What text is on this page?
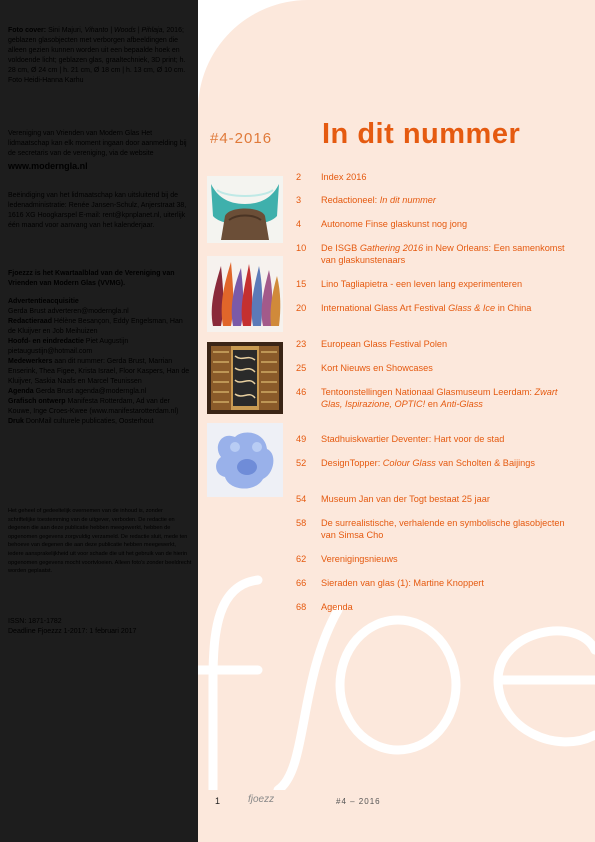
Foto cover: Sini Majuri, Vihanto | Woods | Pihlaja, 2016; geblazen glasobjecten met verborgen afbeeldingen die alleen gezien kunnen worden uit een bepaalde hoek en voldoende licht; geblazen glas, graaltechniek, 3D print; h. 28 cm, Ø 24 cm | h. 21 cm, Ø 18 cm | h. 13 cm, Ø 10 cm. Foto Heidi-Hanna Karhu
Vereniging van Vrienden van Modern Glas Het lidmaatschap kan elk moment ingaan door aanmelding bij de secretaris van de vereniging, via de website
www.moderngla.nl
Beëindiging van het lidmaatschap kan uitsluitend bij de ledenadministratie: Renée Jansen-Schulz, Anjerstraat 38, 1616 XG Hoogkarspel E-mail: rent@kpnplanet.nl, uiterlijk één maand voor aanvang van het kalenderjaar.
Fjoezzz is het Kwartaalblad van de Vereniging van Vrienden van Modern Glas (VVMG).
Advertentieacquisitie
Gerda Brust adverteren@moderngla.nl
Redactieraad Hélène Besançon, Eddy Engelsman, Han de Kluijver en Job Meihuizen
Hoofd- en eindredactie Piet Augustijn pietaugustijn@hotmail.com
Medewerkers aan dit nummer: Gerda Brust, Marrian Enserink, Thea Figee, Krista Israel, Floor Kaspers, Han de Kluijver, Saskia Naafs en Marcel Teunissen
Agenda Gerda Brust agenda@moderngla.nl
Grafisch ontwerp Manifesta Rotterdam, Ad van der Kouwe, Inge Croes-Kwee (www.manifestarotterdam.nl)
Druk DonMail culturele publicaties, Oosterhout
Het geheel of gedeeltelijk overnemen van de inhoud is, zonder schriftelijke toestemming van de uitgever, verboden. De redactie en degenen die aan deze publicatie hebben meegewerkt, hebben de opgenomen gegevens zorgvuldig verzameld. De redactie sluit, mede ten behoeve van degenen die aan deze publicatie hebben meegewerkt, iedere aansprakelijkheid uit voor schade die uit het gebruik van de hierin opgenomen gegevens mocht voortvloeien. Alleen foto's zonder beeldrecht worden geplaatst.
ISSN: 1871-1782
Deadline Fjoezzz 1-2017: 1 februari 2017
#4-2016 In dit nummer
2	Index 2016
3	Redactioneel: In dit nummer
4	Autonome Finse glaskunst nog jong
10	De ISGB Gathering 2016 in New Orleans: Een samenkomst van glaskunstenaars
15	Lino Tagliapietra - een leven lang experimenteren
20	International Glass Art Festival Glass & Ice in China
23	European Glass Festival Polen
25	Kort Nieuws en Showcases
46	Tentoonstellingen Nationaal Glasmuseum Leerdam: Zwart Glas, Ispirazione, OPTIC! en Anti-Glass
49	Stadhuiskwartier Deventer: Hart voor de stad
52	DesignTopper: Colour Glass van Scholten & Baijings
54	Museum Jan van der Togt bestaat 25 jaar
58	De surrealistische, verhalende en symbolische glasobjecten van Simsa Cho
62	Verenigingsnieuws
66	Sieraden van glas (1): Martine Knoppert
68	Agenda
1	fjoezz	#4 – 2016
